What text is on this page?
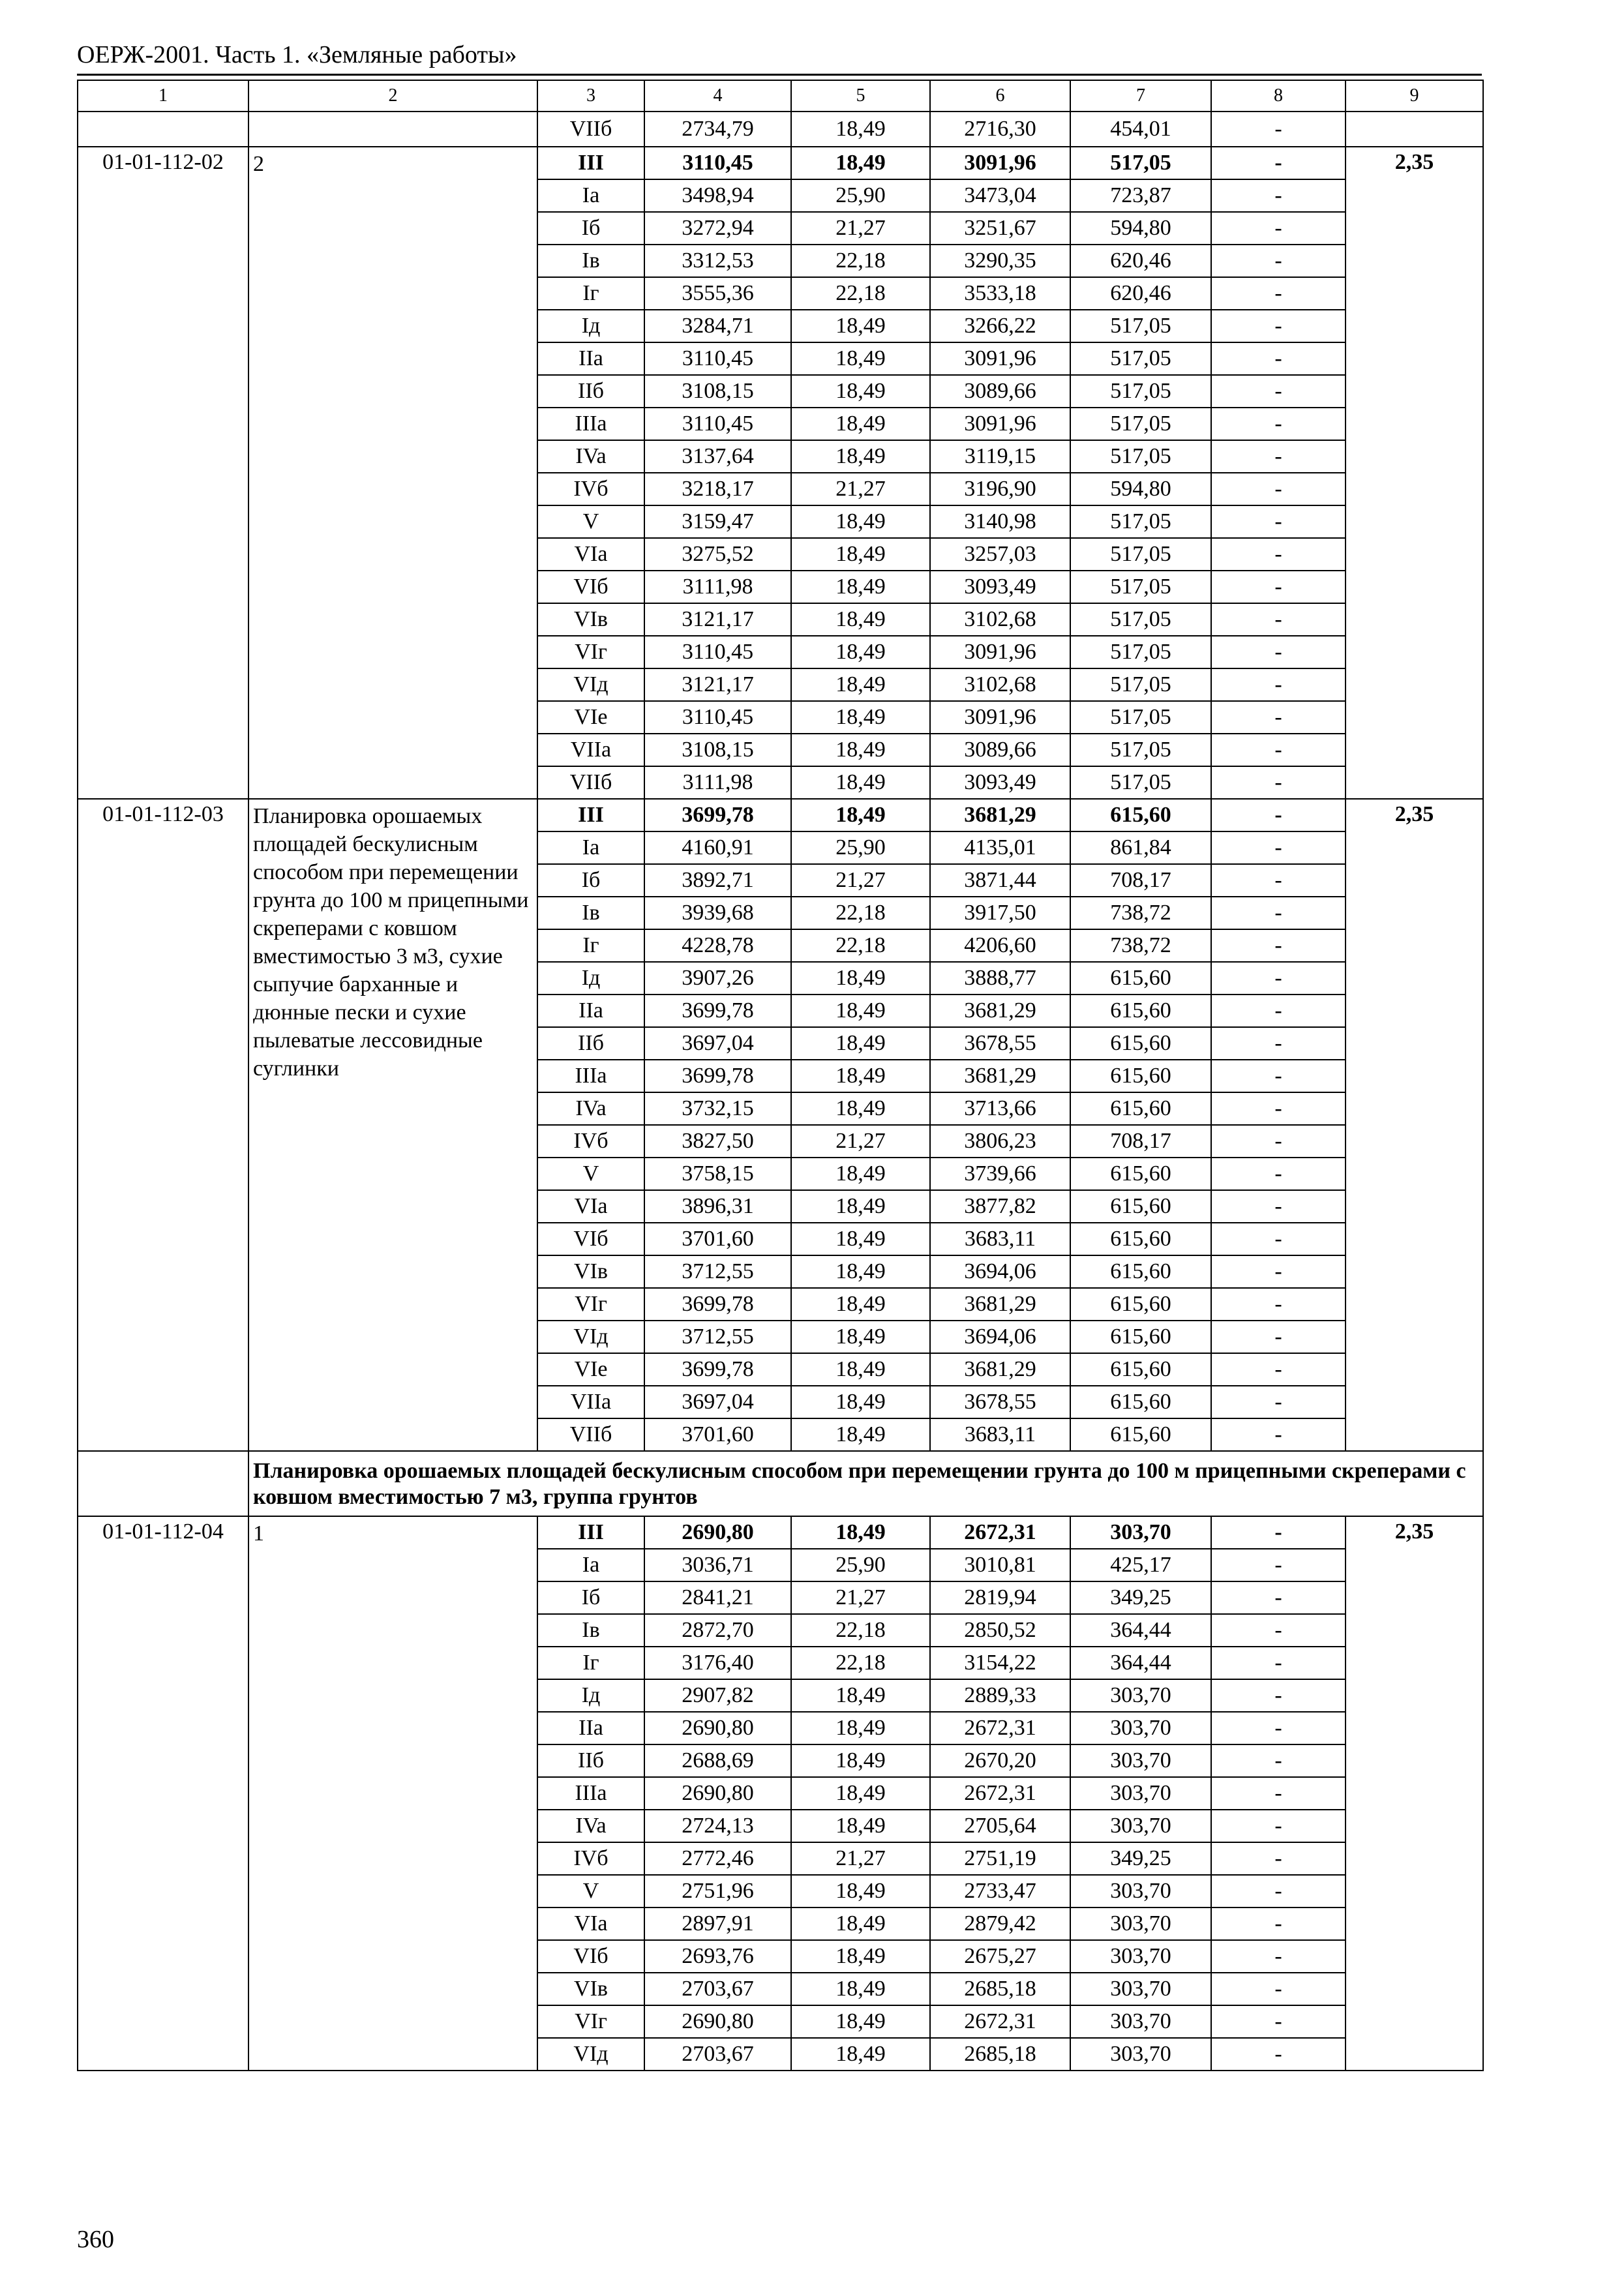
ОЕРЖ-2001. Часть 1. «Земляные работы»
1	2	3	4	5	6	7	8	9
		VIIб	2734,79	18,49	2716,30	454,01	-	
01-01-112-02	2	III	3110,45	18,49	3091,96	517,05	-	2,35
		Ia	3498,94	25,90	3473,04	723,87	-	
		Iб	3272,94	21,27	3251,67	594,80	-	
		Iв	3312,53	22,18	3290,35	620,46	-	
		Iг	3555,36	22,18	3533,18	620,46	-	
		Iд	3284,71	18,49	3266,22	517,05	-	
		IIa	3110,45	18,49	3091,96	517,05	-	
		IIб	3108,15	18,49	3089,66	517,05	-	
		IIIa	3110,45	18,49	3091,96	517,05	-	
		IVa	3137,64	18,49	3119,15	517,05	-	
		IVб	3218,17	21,27	3196,90	594,80	-	
		V	3159,47	18,49	3140,98	517,05	-	
		VIa	3275,52	18,49	3257,03	517,05	-	
		VIб	3111,98	18,49	3093,49	517,05	-	
		VIв	3121,17	18,49	3102,68	517,05	-	
		VIг	3110,45	18,49	3091,96	517,05	-	
		VIд	3121,17	18,49	3102,68	517,05	-	
		VIe	3110,45	18,49	3091,96	517,05	-	
		VIIa	3108,15	18,49	3089,66	517,05	-	
		VIIб	3111,98	18,49	3093,49	517,05	-	
01-01-112-03	Планировка орошаемых площадей бескулисным способом при перемещении грунта до 100 м прицепными скреперами с ковшом вместимостью 3 м3, сухие сыпучие барханные и дюнные пески и сухие пылеватые лессовидные суглинки	III	3699,78	18,49	3681,29	615,60	-	2,35
		Ia	4160,91	25,90	4135,01	861,84	-	
		Iб	3892,71	21,27	3871,44	708,17	-	
		Iв	3939,68	22,18	3917,50	738,72	-	
		Iг	4228,78	22,18	4206,60	738,72	-	
		Iд	3907,26	18,49	3888,77	615,60	-	
		IIa	3699,78	18,49	3681,29	615,60	-	
		IIб	3697,04	18,49	3678,55	615,60	-	
		IIIa	3699,78	18,49	3681,29	615,60	-	
		IVa	3732,15	18,49	3713,66	615,60	-	
		IVб	3827,50	21,27	3806,23	708,17	-	
		V	3758,15	18,49	3739,66	615,60	-	
		VIa	3896,31	18,49	3877,82	615,60	-	
		VIб	3701,60	18,49	3683,11	615,60	-	
		VIв	3712,55	18,49	3694,06	615,60	-	
		VIг	3699,78	18,49	3681,29	615,60	-	
		VIд	3712,55	18,49	3694,06	615,60	-	
		VIe	3699,78	18,49	3681,29	615,60	-	
		VIIa	3697,04	18,49	3678,55	615,60	-	
		VIIб	3701,60	18,49	3683,11	615,60	-	
	Планировка орошаемых площадей бескулисным способом при перемещении грунта до 100 м прицепными скреперами с ковшом вместимостью 7 м3, группа грунтов							
01-01-112-04	1	III	2690,80	18,49	2672,31	303,70	-	2,35
		Ia	3036,71	25,90	3010,81	425,17	-	
		Iб	2841,21	21,27	2819,94	349,25	-	
		Iв	2872,70	22,18	2850,52	364,44	-	
		Iг	3176,40	22,18	3154,22	364,44	-	
		Iд	2907,82	18,49	2889,33	303,70	-	
		IIa	2690,80	18,49	2672,31	303,70	-	
		IIб	2688,69	18,49	2670,20	303,70	-	
		IIIa	2690,80	18,49	2672,31	303,70	-	
		IVa	2724,13	18,49	2705,64	303,70	-	
		IVб	2772,46	21,27	2751,19	349,25	-	
		V	2751,96	18,49	2733,47	303,70	-	
		VIa	2897,91	18,49	2879,42	303,70	-	
		VIб	2693,76	18,49	2675,27	303,70	-	
		VIв	2703,67	18,49	2685,18	303,70	-	
		VIг	2690,80	18,49	2672,31	303,70	-	
		VIд	2703,67	18,49	2685,18	303,70	-	
360
